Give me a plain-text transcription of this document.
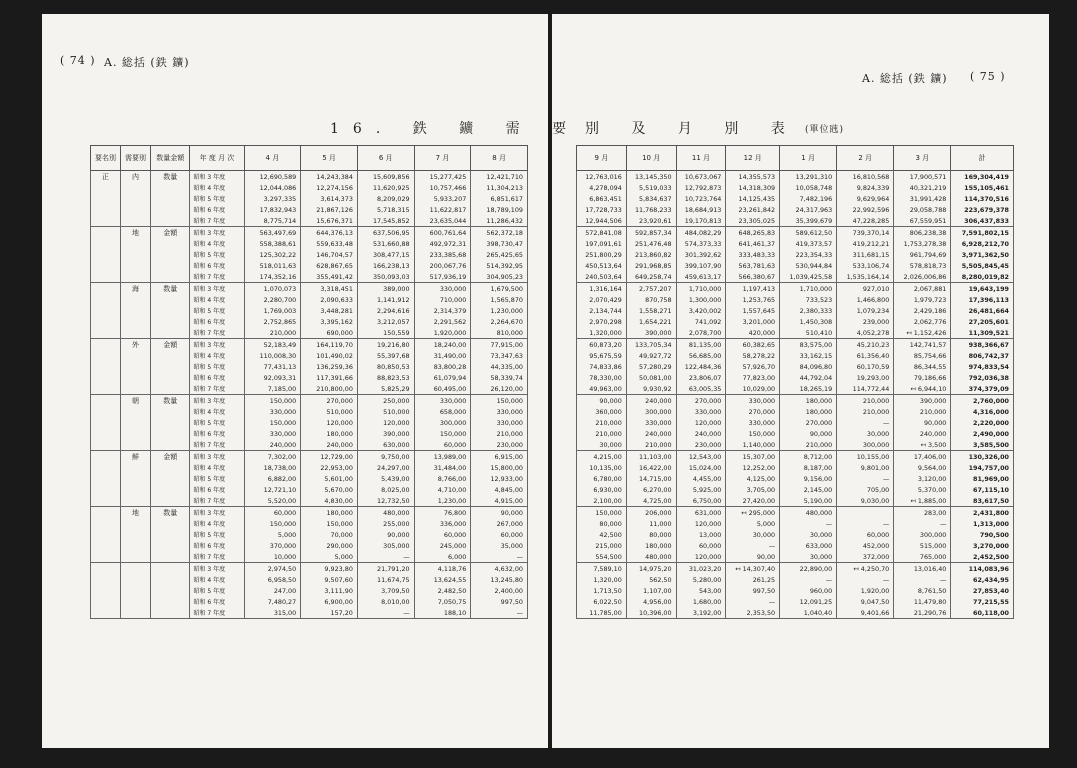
( 74 ) A. 総括 (鉄 鑛)
A. 総括 (鉄 鑛) ( 75 )
16. 鉄 鑛 需 要 別 及 月 別 表 (單位瓲)
要名別	需要別	数量金額	年 度 月 次	4 月	5 月	6 月	7 月	8 月
正	内	数量	昭和 3 年度	12,690,589	14,243,384	15,609,856	15,277,425	12,421,710
			昭和 4 年度	12,044,086	12,274,156	11,620,925	10,757,466	11,304,213
			昭和 5 年度	3,297,335	3,614,373	8,209,029	5,933,207	6,851,617
			昭和 6 年度	17,832,943	21,867,126	5,718,315	11,622,817	18,789,109
			昭和 7 年度	8,775,714	15,676,371	17,545,852	23,635,044	11,286,432
	地	金額	昭和 3 年度	563,497,69	644,376,13	637,506,95	600,761,64	562,372,18
			昭和 4 年度	558,388,61	559,633,48	531,660,88	492,972,31	398,730,47
			昭和 5 年度	125,302,22	146,704,57	308,477,15	233,385,68	265,425,65
			昭和 6 年度	518,011,63	628,867,65	166,238,13	200,067,76	514,392,95
			昭和 7 年度	174,352,16	355,491,42	350,093,03	517,936,19	304,905,23
	海	数量	昭和 3 年度	1,070,073	3,318,451	389,000	330,000	1,679,500
			昭和 4 年度	2,280,700	2,090,633	1,141,912	710,000	1,565,870
			昭和 5 年度	1,769,003	3,448,281	2,294,616	2,314,379	1,230,000
			昭和 6 年度	2,752,865	3,395,162	3,212,057	2,291,562	2,264,670
			昭和 7 年度	210,000	690,000	150,559	1,920,000	810,000
	外	金額	昭和 3 年度	52,183,49	164,119,70	19,216,80	18,240,00	77,915,00
			昭和 4 年度	110,008,30	101,490,02	55,397,68	31,490,00	73,347,63
			昭和 5 年度	77,431,13	136,259,36	80,850,53	83,800,28	44,335,00
			昭和 6 年度	92,093,31	117,391,66	88,823,53	61,079,94	58,339,74
			昭和 7 年度	7,185,00	210,800,00	5,825,29	60,495,00	26,120,00
	朝	数量	昭和 3 年度	150,000	270,000	250,000	330,000	150,000
			昭和 4 年度	330,000	510,000	510,000	658,000	330,000
			昭和 5 年度	150,000	120,000	120,000	300,000	330,000
			昭和 6 年度	330,000	180,000	390,000	150,000	210,000
			昭和 7 年度	240,000	240,000	630,000	60,000	230,000
	鮮	金額	昭和 3 年度	7,302,00	12,729,00	9,750,00	13,989,00	6,915,00
			昭和 4 年度	18,738,00	22,953,00	24,297,00	31,484,00	15,800,00
			昭和 5 年度	6,882,00	5,601,00	5,439,00	8,766,00	12,933,00
			昭和 6 年度	12,721,10	5,670,00	8,025,00	4,710,00	4,845,00
			昭和 7 年度	5,520,00	4,830,00	12,732,50	1,230,00	4,915,00
	地	数量	昭和 3 年度	60,000	180,000	480,000	76,800	90,000
			昭和 4 年度	150,000	150,000	255,000	336,000	267,000
			昭和 5 年度	5,000	70,000	90,000	60,000	60,000
			昭和 6 年度	370,000	290,000	305,000	245,000	35,000
			昭和 7 年度	10,000	5,000	—	6,000	—
			昭和 3 年度	2,974,50	9,923,80	21,791,20	4,118,76	4,632,00
			昭和 4 年度	6,958,50	9,507,60	11,674,75	13,624,55	13,245,80
			昭和 5 年度	247,00	3,111,90	3,709,50	2,482,50	2,400,00
			昭和 6 年度	7,480,27	6,900,00	8,010,00	7,050,75	997,50
			昭和 7 年度	315,00	157,20	—	188,10	—
9 月	10 月	11 月	12 月	1 月	2 月	3 月	計
12,763,016	13,145,350	10,673,067	14,355,573	13,291,310	16,810,568	17,900,571	169,304,419
4,278,094	5,519,033	12,792,873	14,318,309	10,058,748	9,824,339	40,321,219	155,105,461
6,863,451	5,834,637	10,723,764	14,125,435	7,482,196	9,629,964	31,991,428	114,370,516
17,728,733	11,768,233	18,684,913	23,261,842	24,317,963	22,992,596	29,058,788	223,679,378
12,944,506	23,920,61	19,170,813	23,305,025	35,399,679	47,228,285	67,559,951	306,437,833
572,841,08	592,857,34	484,082,29	648,265,83	589,612,50	739,370,14	806,238,38	7,591,802,15
197,091,61	251,476,48	574,373,33	641,461,37	419,373,57	419,212,21	1,753,278,38	6,928,212,70
251,800,29	213,860,82	301,392,62	333,483,33	223,354,33	311,681,15	961,794,69	3,971,362,50
450,513,64	291,968,85	399,107,90	563,781,63	530,944,84	533,106,74	578,818,73	5,505,845,45
240,503,64	649,258,74	459,613,17	566,380,67	1,039,425,58	1,535,164,14	2,026,006,86	8,280,019,82
1,316,164	2,757,207	1,710,000	1,197,413	1,710,000	927,010	2,067,881	19,643,199
2,070,429	870,758	1,300,000	1,253,765	733,523	1,466,800	1,979,723	17,396,113
2,134,744	1,558,271	3,420,002	1,557,645	2,380,333	1,079,234	2,429,186	26,481,664
2,970,298	1,654,221	741,092	3,201,000	1,450,308	239,000	2,062,776	27,205,601
1,320,000	390,000	2,078,700	420,000	510,410	4,052,278	↤ 1,152,426	11,309,521
60,873,20	133,705,34	81,135,00	60,382,65	83,575,00	45,210,23	142,741,57	938,366,67
95,675,59	49,927,72	56,685,00	58,278,22	33,162,15	61,356,40	85,754,66	806,742,37
74,833,86	57,280,29	122,484,36	57,926,70	84,096,80	60,170,59	86,344,55	974,833,54
78,330,00	50,081,00	23,806,07	77,823,00	44,792,04	19,293,00	79,186,66	792,036,38
49,963,00	9,930,92	63,005,35	10,029,00	18,265,19	114,772,44	↤ 6,944,10	374,379,09
90,000	240,000	270,000	330,000	180,000	210,000	390,000	2,760,000
360,000	300,000	330,000	270,000	180,000	210,000	210,000	4,316,000
210,000	330,000	120,000	330,000	270,000	—	90,000	2,220,000
210,000	240,000	240,000	150,000	90,000	30,000	240,000	2,490,000
30,000	210,000	230,000	1,140,000	210,000	300,000	↤ 3,500	3,585,500
4,215,00	11,103,00	12,543,00	15,307,00	8,712,00	10,155,00	17,406,00	130,326,00
10,135,00	16,422,00	15,024,00	12,252,00	8,187,00	9,801,00	9,564,00	194,757,00
6,780,00	14,715,00	4,455,00	4,125,00	9,156,00	—	3,120,00	81,969,00
6,930,00	6,270,00	5,925,00	3,705,00	2,145,00	705,00	5,370,00	67,115,10
2,100,00	4,725,00	6,750,00	27,420,00	5,190,00	9,030,00	↤ 1,885,00	83,617,50
150,000	206,000	631,000	↤ 295,000	480,000		283,00	2,431,800
80,000	11,000	120,000	5,000	—	—	—	1,313,000
42,500	80,000	13,000	30,000	30,000	60,000	300,000	790,500
215,000	180,000	60,000	—	633,000	452,000	515,000	3,270,000
554,500	480,000	120,000	90,00	30,000	372,000	765,000	2,452,500
7,589,10	14,975,20	31,023,20	↤ 14,307,40	22,890,00	↤ 4,250,70	13,016,40	114,083,96
1,320,00	562,50	5,280,00	261,25	—	—	—	62,434,95
1,713,50	1,107,00	543,00	997,50	960,00	1,920,00	8,761,50	27,853,40
6,022,50	4,956,00	1,680,00	—	12,091,25	9,047,50	11,479,80	77,215,55
11,785,00	10,396,00	3,192,00	2,353,50	1,040,40	9,401,66	21,290,76	60,118,00
